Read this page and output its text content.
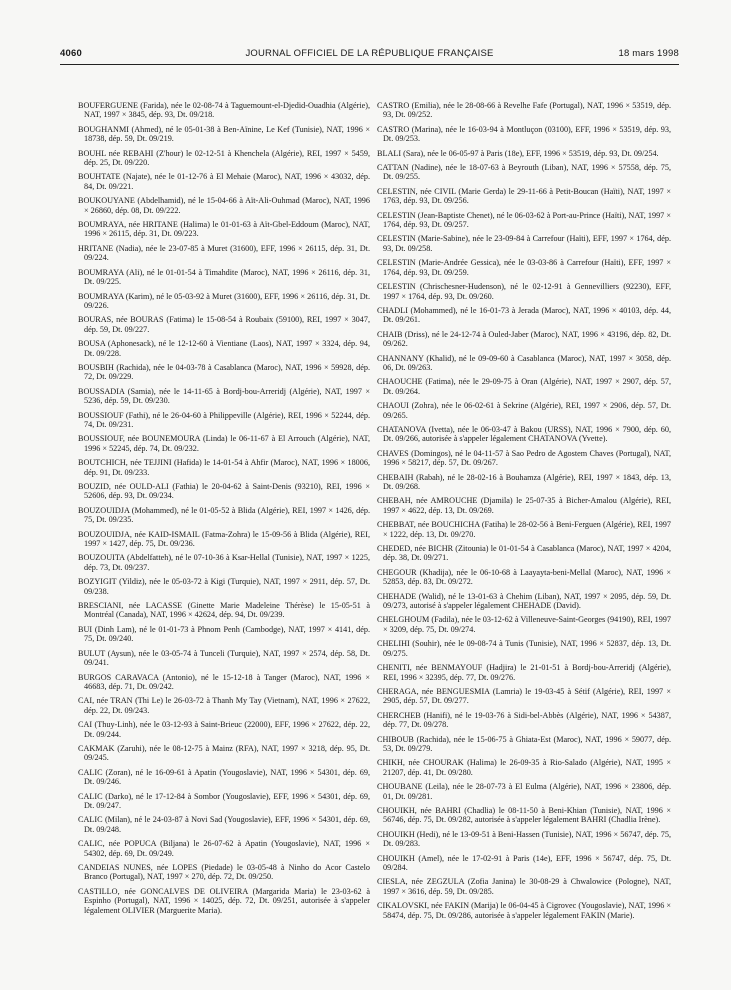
4060	JOURNAL OFFICIEL DE LA RÉPUBLIQUE FRANÇAISE	18 mars 1998

BOUFERGUENE (Farida), née le 02-08-74 à Taguemount-el-Djedid-Ouadhia (Algérie), NAT, 1997 × 3845, dép. 93, Dt. 09/218.

BOUGHANMI (Ahmed), né le 05-01-38 à Ben-Aïnine, Le Kef (Tunisie), NAT, 1996 × 18738, dép. 59, Dt. 09/219.

BOUHL née REBAHI (Z'hour) le 02-12-51 à Khenchela (Algérie), REI, 1997 × 5459, dép. 25, Dt. 09/220.

BOUHTATE (Najate), née le 01-12-76 à El Mehaie (Maroc), NAT, 1996 × 43032, dép. 84, Dt. 09/221.

BOUKOUYANE (Abdelhamid), né le 15-04-66 à Aït-Ali-Ouhmad (Maroc), NAT, 1996 × 26860, dép. 08, Dt. 09/222.

BOUMRAYA, née HRITANE (Halima) le 01-01-63 à Aït-Gbel-Eddoum (Maroc), NAT, 1996 × 26115, dép. 31, Dt. 09/223.

HRITANE (Nadia), née le 23-07-85 à Muret (31600), EFF, 1996 × 26115, dép. 31, Dt. 09/224.

BOUMRAYA (Ali), né le 01-01-54 à Timahdite (Maroc), NAT, 1996 × 26116, dép. 31, Dt. 09/225.

BOUMRAYA (Karim), né le 05-03-92 à Muret (31600), EFF, 1996 × 26116, dép. 31, Dt. 09/226.

BOURAS, née BOURAS (Fatima) le 15-08-54 à Roubaix (59100), REI, 1997 × 3047, dép. 59, Dt. 09/227.

BOUSA (Aphonesack), né le 12-12-60 à Vientiane (Laos), NAT, 1997 × 3324, dép. 94, Dt. 09/228.

BOUSBIH (Rachida), née le 04-03-78 à Casablanca (Maroc), NAT, 1996 × 59928, dép. 72, Dt. 09/229.

BOUSSADIA (Samia), née le 14-11-65 à Bordj-bou-Arreridj (Algérie), NAT, 1997 × 5236, dép. 59, Dt. 09/230.

BOUSSIOUF (Fathi), né le 26-04-60 à Philippeville (Algérie), REI, 1996 × 52244, dép. 74, Dt. 09/231.

BOUSSIOUF, née BOUNEMOURA (Linda) le 06-11-67 à El Arrouch (Algérie), NAT, 1996 × 52245, dép. 74, Dt. 09/232.

BOUTCHICH, née TEJJINI (Hafida) le 14-01-54 à Ahfir (Maroc), NAT, 1996 × 18006, dép. 91, Dt. 09/233.

BOUZID, née OULD-ALI (Fathia) le 20-04-62 à Saint-Denis (93210), REI, 1996 × 52606, dép. 93, Dt. 09/234.

BOUZOUIDJA (Mohammed), né le 01-05-52 à Blida (Algérie), REI, 1997 × 1426, dép. 75, Dt. 09/235.

BOUZOUIDJA, née KAID-ISMAIL (Fatma-Zohra) le 15-09-56 à Blida (Algérie), REI, 1997 × 1427, dép. 75, Dt. 09/236.

BOUZOUITA (Abdelfatteh), né le 07-10-36 à Ksar-Hellal (Tunisie), NAT, 1997 × 1225, dép. 73, Dt. 09/237.

BOZYIGIT (Yildiz), née le 05-03-72 à Kigi (Turquie), NAT, 1997 × 2911, dép. 57, Dt. 09/238.

BRESCIANI, née LACASSE (Ginette Marie Madeleine Thérèse) le 15-05-51 à Montréal (Canada), NAT, 1996 × 42624, dép. 94, Dt. 09/239.

BUI (Dinh Lam), né le 01-01-73 à Phnom Penh (Cambodge), NAT, 1997 × 4141, dép. 75, Dt. 09/240.

BULUT (Aysun), née le 03-05-74 à Tunceli (Turquie), NAT, 1997 × 2574, dép. 58, Dt. 09/241.

BURGOS CARAVACA (Antonio), né le 15-12-18 à Tanger (Maroc), NAT, 1996 × 46683, dép. 71, Dt. 09/242.

CAI, née TRAN (Thi Le) le 26-03-72 à Thanh My Tay (Vietnam), NAT, 1996 × 27622, dép. 22, Dt. 09/243.

CAI (Thuy-Linh), née le 03-12-93 à Saint-Brieuc (22000), EFF, 1996 × 27622, dép. 22, Dt. 09/244.

CAKMAK (Zaruhi), née le 08-12-75 à Mainz (RFA), NAT, 1997 × 3218, dép. 95, Dt. 09/245.

CALIC (Zoran), né le 16-09-61 à Apatin (Yougoslavie), NAT, 1996 × 54301, dép. 69, Dt. 09/246.

CALIC (Darko), né le 17-12-84 à Sombor (Yougoslavie), EFF, 1996 × 54301, dép. 69, Dt. 09/247.

CALIC (Milan), né le 24-03-87 à Novi Sad (Yougoslavie), EFF, 1996 × 54301, dép. 69, Dt. 09/248.

CALIC, née POPUCA (Biljana) le 26-07-62 à Apatin (Yougoslavie), NAT, 1996 × 54302, dép. 69, Dt. 09/249.

CANDEIAS NUNES, née LOPES (Piedade) le 03-05-48 à Ninho do Acor Castelo Branco (Portugal), NAT, 1997 × 270, dép. 72, Dt. 09/250.

CASTILLO, née GONCALVES DE OLIVEIRA (Margarida Maria) le 23-03-62 à Espinho (Portugal), NAT, 1996 × 14025, dép. 72, Dt. 09/251, autorisée à s'appeler légalement OLIVIER (Marguerite Maria).

CASTRO (Emilia), née le 28-08-66 à Revelhe Fafe (Portugal), NAT, 1996 × 53519, dép. 93, Dt. 09/252.

CASTRO (Marina), née le 16-03-94 à Montluçon (03100), EFF, 1996 × 53519, dép. 93, Dt. 09/253.

BLALI (Sara), née le 06-05-97 à Paris (18e), EFF, 1996 × 53519, dép. 93, Dt. 09/254.

CATTAN (Nadine), née le 18-07-63 à Beyrouth (Liban), NAT, 1996 × 57558, dép. 75, Dt. 09/255.

CELESTIN, née CIVIL (Marie Gerda) le 29-11-66 à Petit-Boucan (Haïti), NAT, 1997 × 1763, dép. 93, Dt. 09/256.

CELESTIN (Jean-Baptiste Chenet), né le 06-03-62 à Port-au-Prince (Haïti), NAT, 1997 × 1764, dép. 93, Dt. 09/257.

CELESTIN (Marie-Sabine), née le 23-09-84 à Carrefour (Haïti), EFF, 1997 × 1764, dép. 93, Dt. 09/258.

CELESTIN (Marie-Andrée Gessica), née le 03-03-86 à Carrefour (Haïti), EFF, 1997 × 1764, dép. 93, Dt. 09/259.

CELESTIN (Chrischesner-Hudenson), né le 02-12-91 à Gennevilliers (92230), EFF, 1997 × 1764, dép. 93, Dt. 09/260.

CHADLI (Mohammed), né le 16-01-73 à Jerada (Maroc), NAT, 1996 × 40103, dép. 44, Dt. 09/261.

CHAIB (Driss), né le 24-12-74 à Ouled-Jaber (Maroc), NAT, 1996 × 43196, dép. 82, Dt. 09/262.

CHANNANY (Khalid), né le 09-09-60 à Casablanca (Maroc), NAT, 1997 × 3058, dép. 06, Dt. 09/263.

CHAOUCHE (Fatima), née le 29-09-75 à Oran (Algérie), NAT, 1997 × 2907, dép. 57, Dt. 09/264.

CHAOUI (Zohra), née le 06-02-61 à Sekrine (Algérie), REI, 1997 × 2906, dép. 57, Dt. 09/265.

CHATANOVA (Ivetta), née le 06-03-47 à Bakou (URSS), NAT, 1996 × 7900, dép. 60, Dt. 09/266, autorisée à s'appeler légalement CHATANOVA (Yvette).

CHAVES (Domingos), né le 04-11-57 à Sao Pedro de Agostem Chaves (Portugal), NAT, 1996 × 58217, dép. 57, Dt. 09/267.

CHEBAIH (Rabah), né le 28-02-16 à Bouhamza (Algérie), REI, 1997 × 1843, dép. 13, Dt. 09/268.

CHEBAH, née AMROUCHE (Djamila) le 25-07-35 à Bicher-Amalou (Algérie), REI, 1997 × 4622, dép. 13, Dt. 09/269.

CHEBBAT, née BOUCHICHA (Fatiha) le 28-02-56 à Beni-Ferguen (Algérie), REI, 1997 × 1222, dép. 13, Dt. 09/270.

CHEDED, née BICHR (Zitounia) le 01-01-54 à Casablanca (Maroc), NAT, 1997 × 4204, dép. 38, Dt. 09/271.

CHEGOUR (Khadija), née le 06-10-68 à Laayayta-beni-Mellal (Maroc), NAT, 1996 × 52853, dép. 83, Dt. 09/272.

CHEHADE (Walid), né le 13-01-63 à Chehim (Liban), NAT, 1997 × 2095, dép. 59, Dt. 09/273, autorisé à s'appeler légalement CHEHADE (David).

CHELGHOUM (Fadila), née le 03-12-62 à Villeneuve-Saint-Georges (94190), REI, 1997 × 3209, dép. 75, Dt. 09/274.

CHELIHI (Souhir), née le 09-08-74 à Tunis (Tunisie), NAT, 1996 × 52837, dép. 13, Dt. 09/275.

CHENITI, née BENMAYOUF (Hadjira) le 21-01-51 à Bordj-bou-Arreridj (Algérie), REI, 1996 × 32395, dép. 77, Dt. 09/276.

CHERAGA, née BENGUESMIA (Lamria) le 19-03-45 à Sétif (Algérie), REI, 1997 × 2905, dép. 57, Dt. 09/277.

CHERCHEB (Hanifi), né le 19-03-76 à Sidi-bel-Abbès (Algérie), NAT, 1996 × 54387, dép. 77, Dt. 09/278.

CHIBOUB (Rachida), née le 15-06-75 à Ghiata-Est (Maroc), NAT, 1996 × 59077, dép. 53, Dt. 09/279.

CHIKH, née CHOURAK (Halima) le 26-09-35 à Rio-Salado (Algérie), NAT, 1995 × 21207, dép. 41, Dt. 09/280.

CHOUBANE (Leila), née le 28-07-73 à El Eulma (Algérie), NAT, 1996 × 23806, dép. 01, Dt. 09/281.

CHOUIKH, née BAHRI (Chadlia) le 08-11-50 à Beni-Khian (Tunisie), NAT, 1996 × 56746, dép. 75, Dt. 09/282, autorisée à s'appeler légalement BAHRI (Chadlia Irène).

CHOUIKH (Hedi), né le 13-09-51 à Beni-Hassen (Tunisie), NAT, 1996 × 56747, dép. 75, Dt. 09/283.

CHOUIKH (Amel), née le 17-02-91 à Paris (14e), EFF, 1996 × 56747, dép. 75, Dt. 09/284.

CIESLA, née ZEGZULA (Zofia Janina) le 30-08-29 à Chwalowice (Pologne), NAT, 1997 × 3616, dép. 59, Dt. 09/285.

CIKALOVSKI, née FAKIN (Marija) le 06-04-45 à Cigrovec (Yougoslavie), NAT, 1996 × 58474, dép. 75, Dt. 09/286, autorisée à s'appeler légalement FAKIN (Marie).
